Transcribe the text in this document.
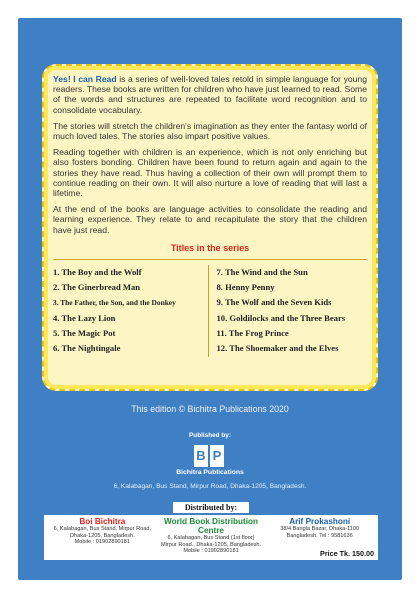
Yes! I can Read is a series of well-loved tales retold in simple language for young readers. These books are written for children who have just learned to read. Some of the words and structures are repeated to facilitate word recognition and to consolidate vocabulary.

The stories will stretch the children's imagination as they enter the fantasy world of much loved tales. The stories also impart positive values.

Reading together with children is an experience, which is not only enriching but also fosters bonding. Children have been found to return again and again to the stories they have read. Thus having a collection of their own will prompt them to continue reading on their own. It will also nurture a love of reading that will last a lifetime.

At the end of the books are language activities to consolidate the reading and learning experience. They relate to and recapitulate the story that the children have just read.

Titles in the series
1. The Boy and the Wolf
2. The Ginerbread Man
3. The Father, the Son, and the Donkey
4. The Lazy Lion
5. The Magic Pot
6. The Nightingale
7. The Wind and the Sun
8. Henny Penny
9. The Wolf and the Seven Kids
10. Goldilocks and the Three Bears
11. The Frog Prince
12. The Shoemaker and the Elves
This edition © Bichitra Publications 2020
Published by:
B P
Bichitra Publications
6, Kalabagan, Bus Stand, Mirpur Road, Dhaka-1205, Bangladesh.
Distributed by:
Boi Bichitra
6, Kalabagan, Bus Stand, Mirpur Road,
Dhaka-1205, Bangladesh.
Mobile : 01902890181
World Book Distribution Centre
6, Kalabagan, Bus Stand (1st floor)
Mirpur Road., Dhaka-1205, Bangladesh.
Mobile : 01902890181
Arif Prokashoni
38/4 Bangla Bazar, Dhaka-1100
Bangladesh. Tel : 9581636
Price Tk. 150.00
